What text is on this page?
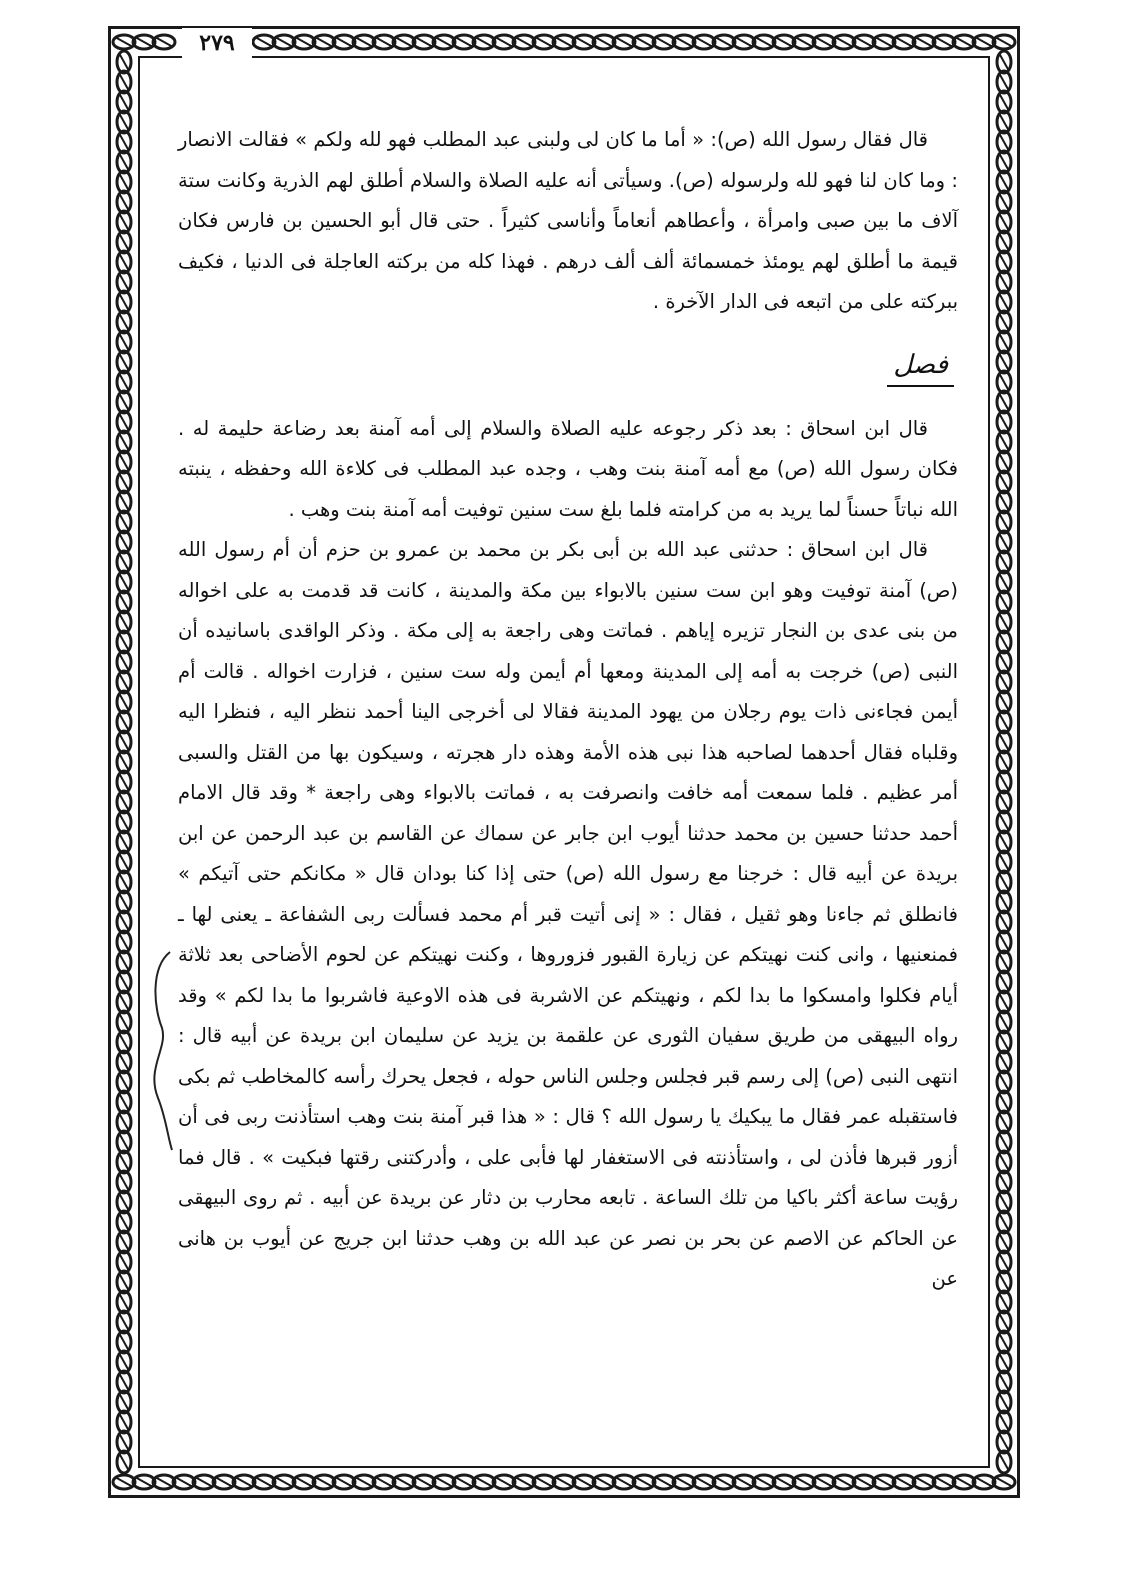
٢٧٩

قال فقال رسول الله (ص): « أما ما كان لى ولبنى عبد المطلب فهو لله ولكم » فقالت الانصار : وما كان لنا فهو لله ولرسوله (ص). وسيأتى أنه عليه الصلاة والسلام أطلق لهم الذرية وكانت ستة آلاف ما بين صبى وامرأة ، وأعطاهم أنعاماً وأناسى كثيراً . حتى قال أبو الحسين بن فارس فكان قيمة ما أطلق لهم يومئذ خمسمائة ألف ألف درهم . فهذا كله من بركته العاجلة فى الدنيا ، فكيف ببركته على من اتبعه فى الدار الآخرة .

فصل

قال ابن اسحاق : بعد ذكر رجوعه عليه الصلاة والسلام إلى أمه آمنة بعد رضاعة حليمة له . فكان رسول الله (ص) مع أمه آمنة بنت وهب ، وجده عبد المطلب فى كلاءة الله وحفظه ، ينبته الله نباتاً حسناً لما يريد به من كرامته فلما بلغ ست سنين توفيت أمه آمنة بنت وهب .

قال ابن اسحاق : حدثنى عبد الله بن أبى بكر بن محمد بن عمرو بن حزم أن أم رسول الله (ص) آمنة توفيت وهو ابن ست سنين بالابواء بين مكة والمدينة ، كانت قد قدمت به على اخواله من بنى عدى بن النجار تزيره إياهم . فماتت وهى راجعة به إلى مكة . وذكر الواقدى باسانيده أن النبى (ص) خرجت به أمه إلى المدينة ومعها أم أيمن وله ست سنين ، فزارت اخواله . قالت أم أيمن فجاءنى ذات يوم رجلان من يهود المدينة فقالا لى أخرجى الينا أحمد ننظر اليه ، فنظرا اليه وقلباه فقال أحدهما لصاحبه هذا نبى هذه الأمة وهذه دار هجرته ، وسيكون بها من القتل والسبى أمر عظيم . فلما سمعت أمه خافت وانصرفت به ، فماتت بالابواء وهى راجعة * وقد قال الامام أحمد حدثنا حسين بن محمد حدثنا أيوب ابن جابر عن سماك عن القاسم بن عبد الرحمن عن ابن بريدة عن أبيه قال : خرجنا مع رسول الله (ص) حتى إذا كنا بودان قال « مكانكم حتى آتيكم » فانطلق ثم جاءنا وهو ثقيل ، فقال : « إنى أتيت قبر أم محمد فسألت ربى الشفاعة ـ يعنى لها ـ فمنعنيها ، وانى كنت نهيتكم عن زيارة القبور فزوروها ، وكنت نهيتكم عن لحوم الأضاحى بعد ثلاثة أيام فكلوا وامسكوا ما بدا لكم ، ونهيتكم عن الاشربة فى هذه الاوعية فاشربوا ما بدا لكم » وقد رواه البيهقى من طريق سفيان الثورى عن علقمة بن يزيد عن سليمان ابن بريدة عن أبيه قال : انتهى النبى (ص) إلى رسم قبر فجلس وجلس الناس حوله ، فجعل يحرك رأسه كالمخاطب ثم بكى فاستقبله عمر فقال ما يبكيك يا رسول الله ؟ قال : « هذا قبر آمنة بنت وهب استأذنت ربى فى أن أزور قبرها فأذن لى ، واستأذنته فى الاستغفار لها فأبى على ، وأدركتنى رقتها فبكيت » . قال فما رؤيت ساعة أكثر باكيا من تلك الساعة . تابعه محارب بن دثار عن بريدة عن أبيه . ثم روى البيهقى عن الحاكم عن الاصم عن بحر بن نصر عن عبد الله بن وهب حدثنا ابن جريج عن أيوب بن هانى عن
